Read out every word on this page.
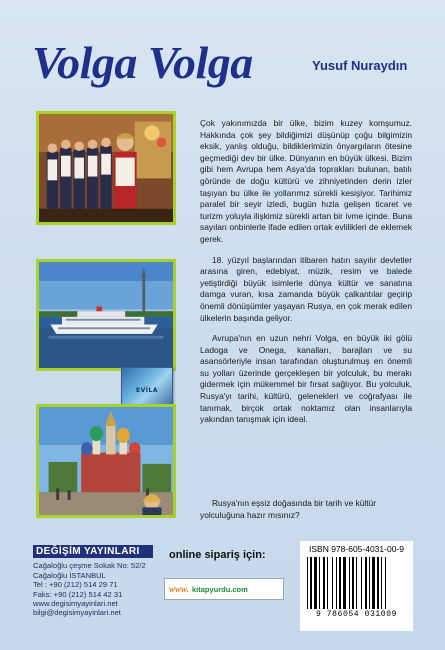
Volga Volga	Yusuf Nuraydın
EVİLA

Çok yakınımızda bir ülke, bizim kuzey komşumuz. Hakkında çok şey bildiğimizi düşünüp çoğu bilgimizin eksik, yanlış olduğu, bildiklerimizin önyargıların ötesine geçmediği dev bir ülke. Dünyanın en büyük ülkesi. Bizim gibi hem Avrupa hem Asya'da toprakları bulunan, batılı göründe de doğu kültürü ve zihniyetinden derin izler taşıyan bu ülke ile yollarımız sürekli kesişiyor. Tarihimiz paralel bir seyir izledi, bugün hızla gelişen ticaret ve turizm yoluyla ilişkimiz sürekli artan bir ivme içinde. Buna sayıları onbinlerle ifade edilen ortak evlilikleri de eklemek gerek.

18. yüzyıl başlarından itibaren hatırı sayılır devletler arasına giren, edebiyat, müzik, resim ve balede yetiştirdiği büyük isimlerle dünya kültür ve sanatına damga vuran, kısa zamanda büyük çalkantılar geçirip önemli dönüşümler yaşayan Rusya, en çok merak edilen ülkelerin başında geliyor.

Avrupa'nın en uzun nehri Volga, en büyük iki gölü Ladoga ve Onega, kanalları, barajları ve su asansörleriyle insan tarafından oluşturulmuş en önemli su yolları üzerinde gerçekleşen bir yolculuk, bu merakı gidermek için mükemmel bir fırsat sağlıyor. Bu yolculuk, Rusya'yı tarihi, kültürü, gelenekleri ve coğrafyası ile tanımak, birçok ortak noktamız olan insanlarıyla yakından tanışmak için ideal.

Rusya'nın eşsiz doğasında bir tarih ve kültür yolculuğuna hazır mısınız?
DEĞİŞİM YAYINLARI
Cağaloğlu çeşme Sokak No: 52/2
Cağaloğlu İSTANBUL
Tel : +90 (212) 514 29 71
Faks: +90 (212) 514 42 31
www.degisimyayinlari.net
bilgi@degisimyayinlari.net
online sipariş için:
www. kitapyurdu.com
ISBN 978-605-4031-00-9
9 786054 031009
